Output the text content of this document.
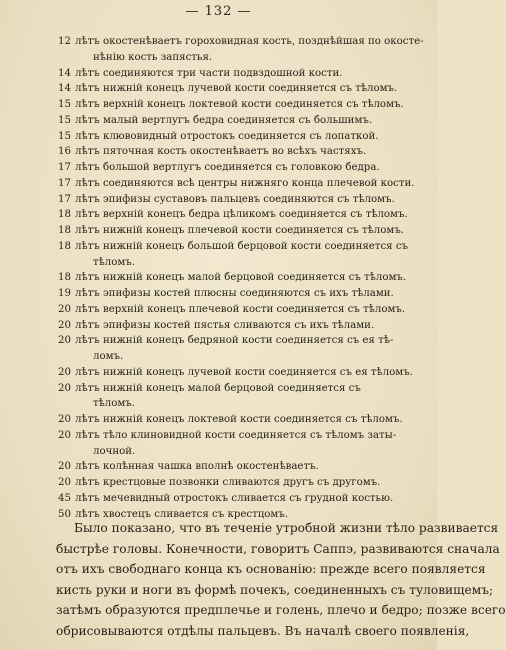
— 132 —
12 лѣтъ окостенѣваетъ гороховидная кость, позднѣйшая по окосте-
нѣнію кость запястья.
14 лѣтъ соединяются три части подвздошной кости.
14 лѣтъ нижній конецъ лучевой кости соединяется съ тѣломъ.
15 лѣтъ верхній конецъ локтевой кости соединяется съ тѣломъ.
15 лѣтъ малый вертлугъ бедра соединяется съ большимъ.
15 лѣтъ клювовидный отростокъ соединяется съ лопаткой.
16 лѣтъ пяточная кость окостенѣваетъ во всѣхъ частяхъ.
17 лѣтъ большой вертлугъ соединяется съ головкою бедра.
17 лѣтъ соединяются всѣ центры нижняго конца плечевой кости.
17 лѣтъ эпифизы суставовъ пальцевъ соединяются съ тѣломъ.
18 лѣтъ верхній конецъ бедра цѣликомъ соединяется съ тѣломъ.
18 лѣтъ нижній конецъ плечевой кости соединяется съ тѣломъ.
18 лѣтъ нижній конецъ большой берцовой кости соединяется съ
тѣломъ.
18 лѣтъ нижній конецъ малой берцовой соединяется съ тѣломъ.
19 лѣтъ эпифизы костей плюсны соединяются съ ихъ тѣлами.
20 лѣтъ верхній конецъ плечевой кости соединяется съ тѣломъ.
20 лѣтъ эпифизы костей пястья сливаются съ ихъ тѣлами.
20 лѣтъ нижній конецъ бедряной кости соединяется съ ея тѣ-
ломъ.
20 лѣтъ нижній конецъ лучевой кости соединяется съ ея тѣломъ.
20 лѣтъ нижній конецъ малой берцовой соединяется съ
тѣломъ.
20 лѣтъ нижній конецъ локтевой кости соединяется съ тѣломъ.
20 лѣтъ тѣло клиновидной кости соединяется съ тѣломъ заты-
лочной.
20 лѣтъ колѣнная чашка вполнѣ окостенѣваетъ.
20 лѣтъ крестцовые позвонки сливаются другъ съ другомъ.
45 лѣтъ мечевидный отростокъ сливается съ грудной костью.
50 лѣтъ хвостецъ сливается съ крестцомъ.
Было показано, что въ теченіе утробной жизни тѣло развивается
быстрѣе головы. Конечности, говоритъ Саппэ, развиваются сначала
отъ ихъ свободнаго конца къ основанію: прежде всего появляется
кисть руки и ноги въ формѣ почекъ, соединенныхъ съ туловищемъ;
затѣмъ образуются предплечье и голень, плечо и бедро; позже всего
обрисовываются отдѣлы пальцевъ. Въ началѣ своего появленія,
